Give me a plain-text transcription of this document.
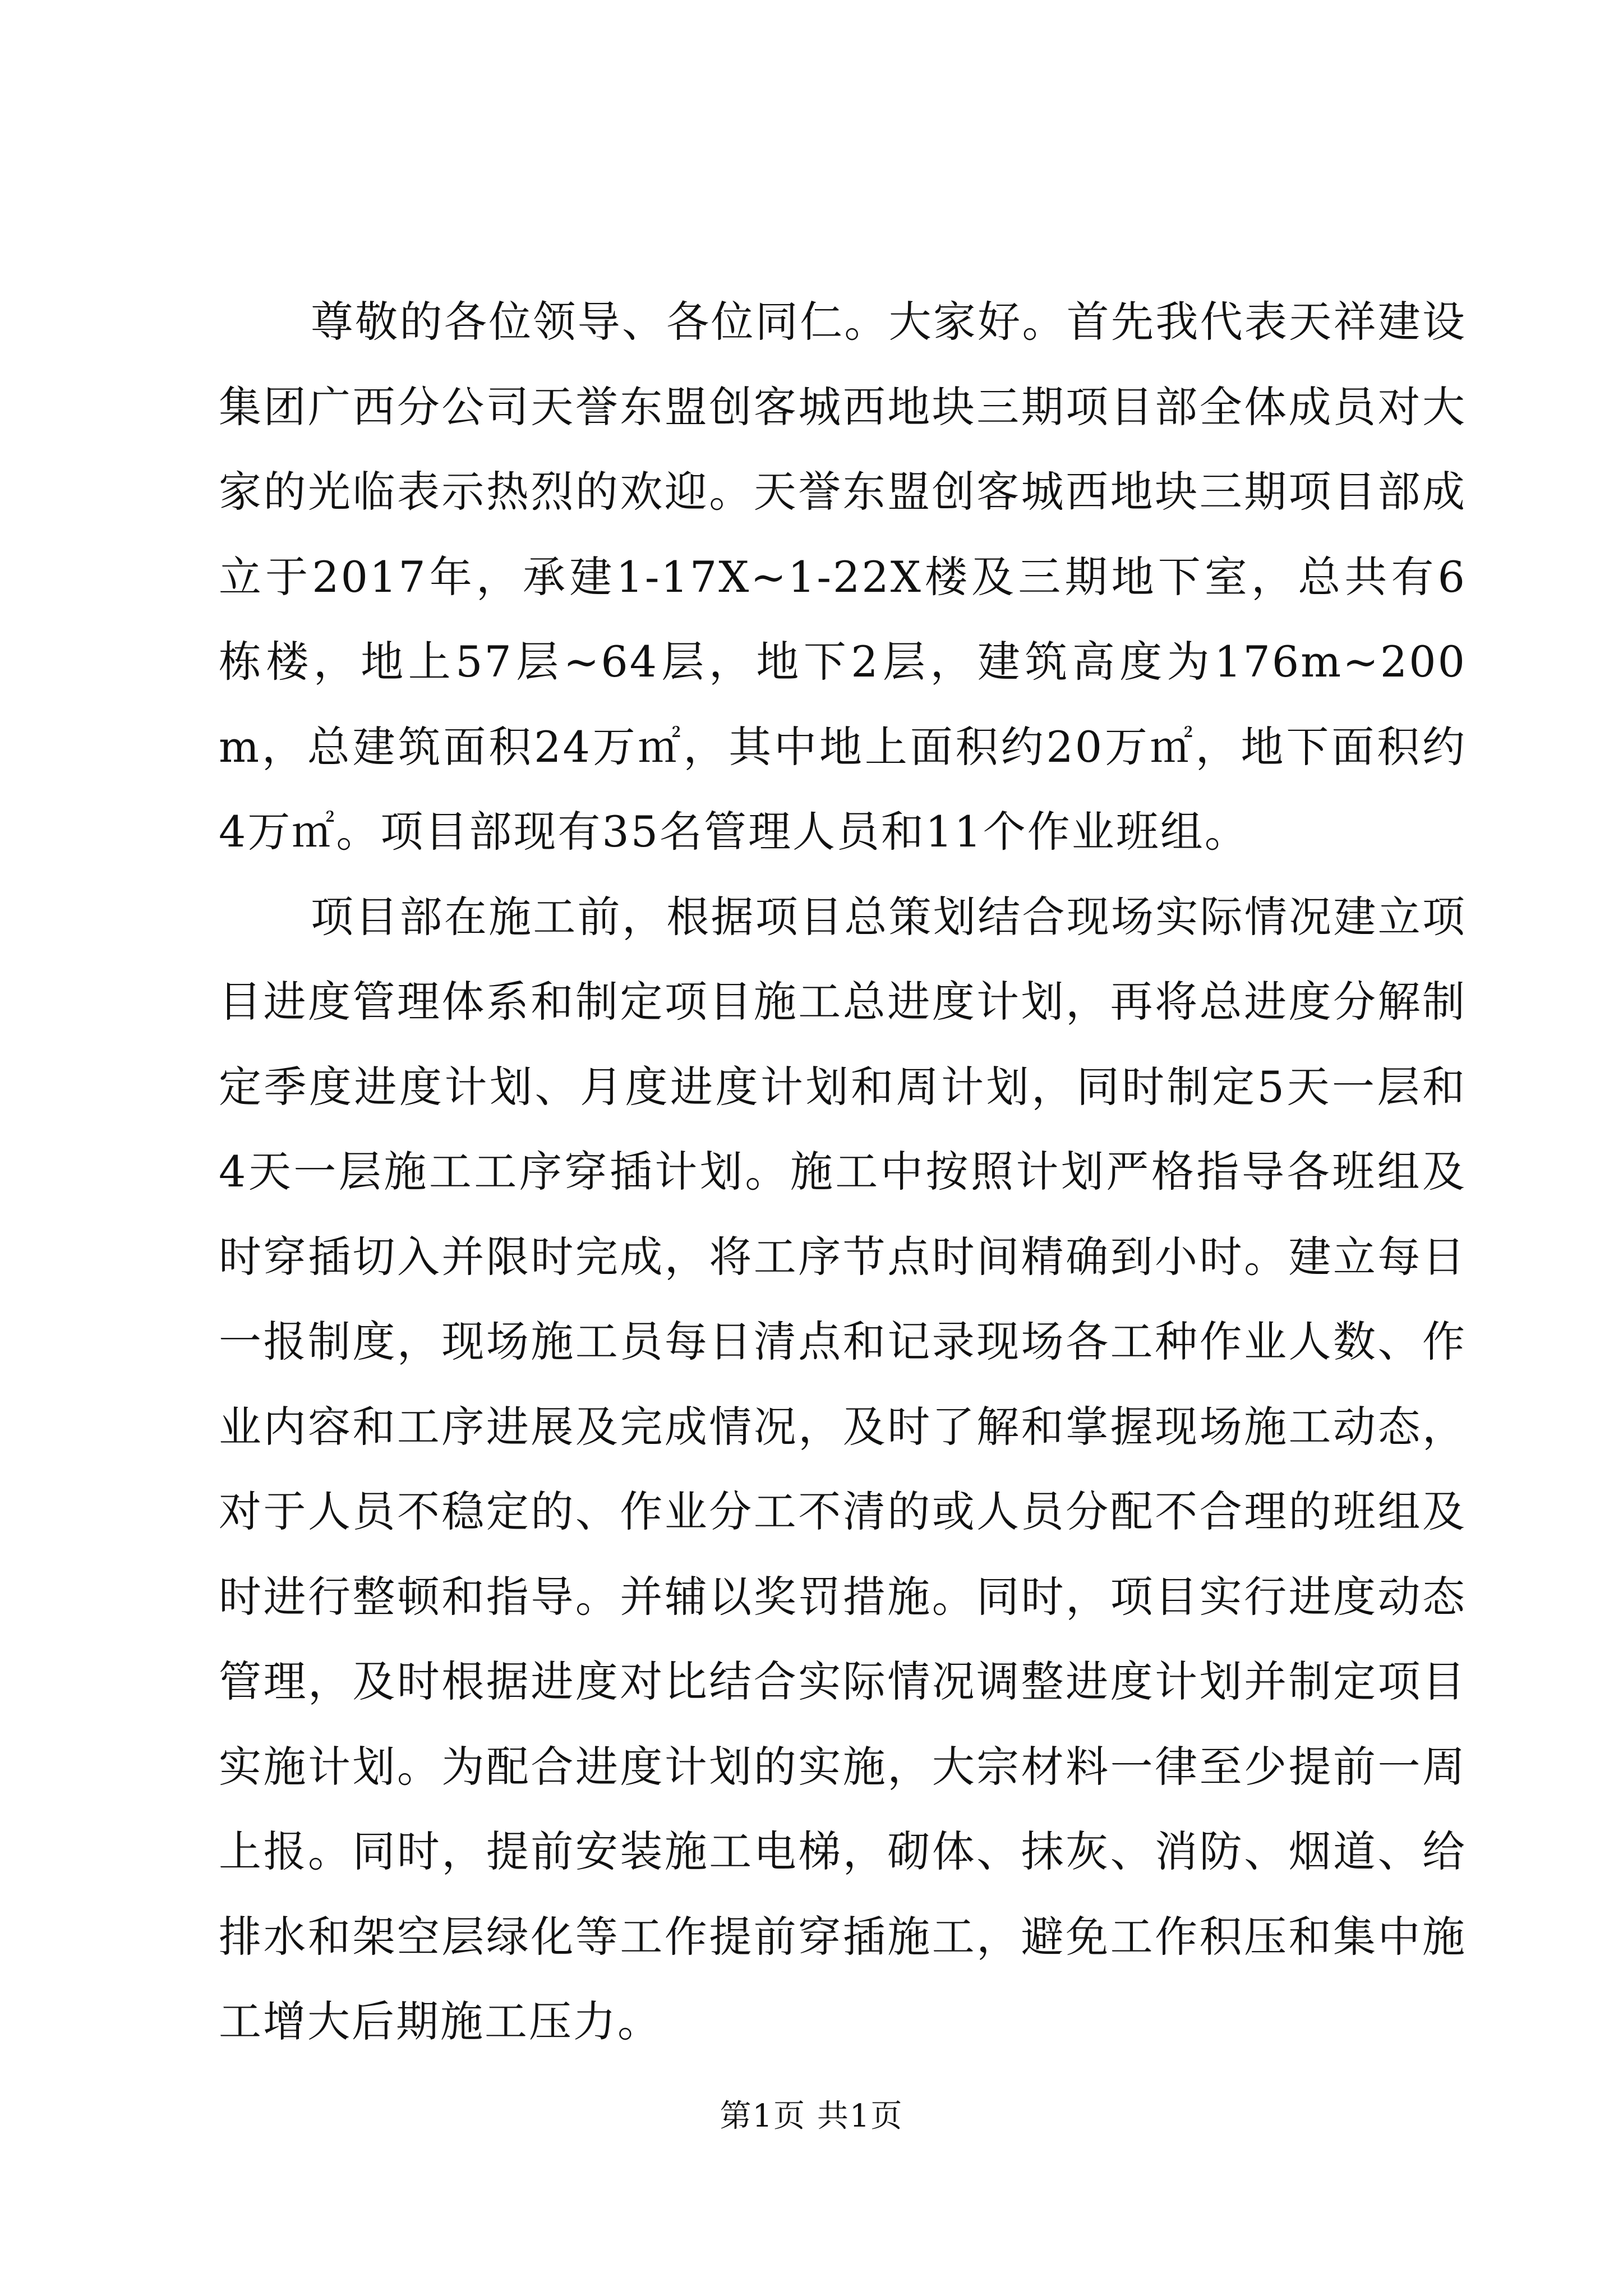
尊敬的各位领导、各位同仁。大家好。首先我代表天祥建设集团广西分公司天誉东盟创客城西地块三期项目部全体成员对大家的光临表示热烈的欢迎。天誉东盟创客城西地块三期项目部成立于2017年，承建1-17X~1-22X楼及三期地下室，总共有6栋楼，地上57层~64层，地下2层，建筑高度为176m~200m，总建筑面积24万㎡，其中地上面积约20万㎡，地下面积约4万㎡。项目部现有35名管理人员和11个作业班组。

项目部在施工前，根据项目总策划结合现场实际情况建立项目进度管理体系和制定项目施工总进度计划，再将总进度分解制定季度进度计划、月度进度计划和周计划，同时制定5天一层和4天一层施工工序穿插计划。施工中按照计划严格指导各班组及时穿插切入并限时完成，将工序节点时间精确到小时。建立每日一报制度，现场施工员每日清点和记录现场各工种作业人数、作业内容和工序进展及完成情况，及时了解和掌握现场施工动态，对于人员不稳定的、作业分工不清的或人员分配不合理的班组及时进行整顿和指导。并辅以奖罚措施。同时，项目实行进度动态管理，及时根据进度对比结合实际情况调整进度计划并制定项目实施计划。为配合进度计划的实施，大宗材料一律至少提前一周上报。同时，提前安装施工电梯，砌体、抹灰、消防、烟道、给排水和架空层绿化等工作提前穿插施工，避免工作积压和集中施工增大后期施工压力。

第1页 共1页
